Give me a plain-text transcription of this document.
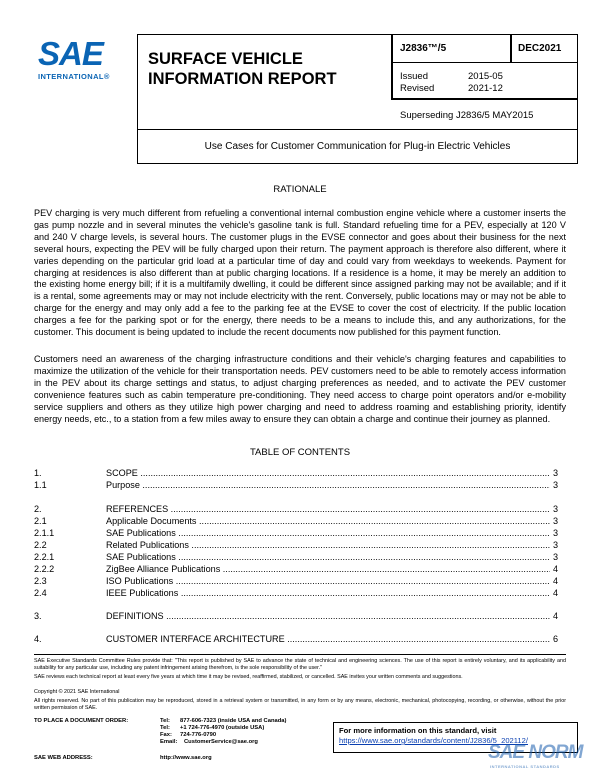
SAE
INTERNATIONAL®
SURFACE VEHICLE INFORMATION REPORT
J2836™/5	DEC2021
Issued	2015-05
Revised	2021-12
Superseding J2836/5 MAY2015
Use Cases for Customer Communication for Plug-in Electric Vehicles
RATIONALE
PEV charging is very much different from refueling a conventional internal combustion engine vehicle where a customer inserts the gas pump nozzle and in several minutes the vehicle's gasoline tank is full. Standard refueling time for a PEV, especially at 120 V and 240 V charge levels, is several hours. The customer plugs in the EVSE connector and goes about their business for the next several hours, expecting the PEV will be fully charged upon their return. The payment approach is therefore also different, where it varies depending on the particular grid load at a particular time of day and could vary from weekdays to weekends. Payment for charging at residences is also different than at public charging locations. If a residence is a home, it may be merely an addition to the existing home energy bill; if it is a multifamily dwelling, it could be different since assigned parking may not be available; and if it is a rental, some agreements may or may not include electricity with the rent. Conversely, public locations may or may not be able to charge for the energy and may only add a fee to the parking fee at the EVSE to cover the cost of electricity. If the public location charges a fee for the parking spot or for the energy, there needs to be a means to include this, and any authorizations, for the customer. This document is being updated to include the recent documents now published for this payment function.
Customers need an awareness of the charging infrastructure conditions and their vehicle's charging features and capabilities to maximize the utilization of the vehicle for their transportation needs. PEV customers need to be able to remotely access information in the PEV about its charge settings and status, to adjust charging preferences as needed, and to activate the PEV customer convenience features such as cabin temperature pre-conditioning. They need access to charge point operators and/or e-mobility service suppliers and others as they utilize high power charging and need to address roaming and establishing priority, identify energy needs, etc., to a station from a few miles away to ensure they can obtain a charge and continue their journey as planned.
TABLE OF CONTENTS
1.	SCOPE .....	3
1.1	Purpose .....	3
2.	REFERENCES .....	3
2.1	Applicable Documents .....	3
2.1.1	SAE Publications .....	3
2.2	Related Publications .....	3
2.2.1	SAE Publications .....	3
2.2.2	ZigBee Alliance Publications .....	4
2.3	ISO Publications .....	4
2.4	IEEE Publications .....	4
3.	DEFINITIONS .....	4
4.	CUSTOMER INTERFACE ARCHITECTURE .....	6
SAE Executive Standards Committee Rules provide that: "This report is published by SAE to advance the state of technical and engineering sciences. The use of this report is entirely voluntary, and its applicability and suitability for any particular use, including any patent infringement arising therefrom, is the sole responsibility of the user."
SAE reviews each technical report at least every five years at which time it may be revised, reaffirmed, stabilized, or cancelled. SAE invites your written comments and suggestions.
Copyright © 2021 SAE International
All rights reserved. No part of this publication may be reproduced, stored in a retrieval system or transmitted, in any form or by any means, electronic, mechanical, photocopying, recording, or otherwise, without the prior written permission of SAE.
TO PLACE A DOCUMENT ORDER:	Tel: 877-606-7323 (inside USA and Canada)
Tel: +1 724-776-4970 (outside USA)
Fax: 724-776-0790
Email: CustomerService@sae.org
SAE WEB ADDRESS:	http://www.sae.org
For more information on this standard, visit
https://www.sae.org/standards/content/J2836/5_202112/
SAE NORM
INTERNATIONAL STANDARDS
